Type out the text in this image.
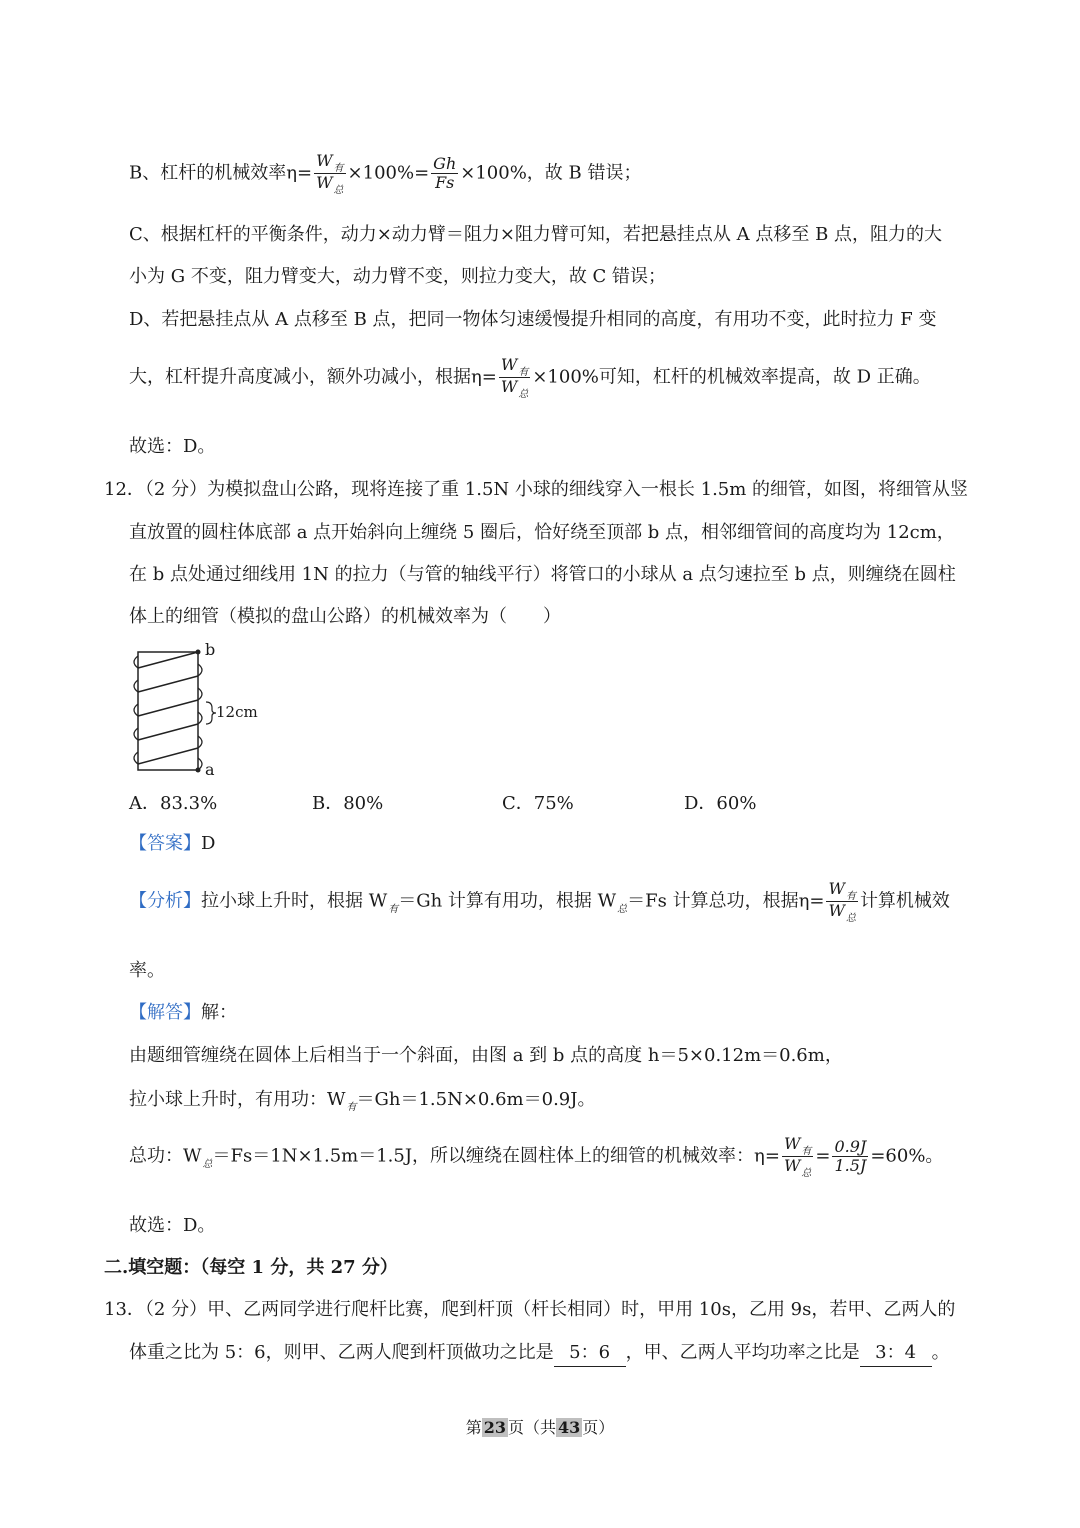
B、杠杆的机械效率$\eta= \frac{W_有}{W_总} \times 100\%= \frac{Gh}{Fs} \times 100\%$，故 B 错误；
C、根据杠杆的平衡条件，动力×动力臂＝阻力×阻力臂可知，若把悬挂点从 A 点移至 B 点，阻力的大
小为 G 不变，阻力臂变大，动力臂不变，则拉力变大，故 C 错误；
D、若把悬挂点从 A 点移至 B 点，把同一物体匀速缓慢提升相同的高度，有用功不变，此时拉力 F 变
大，杠杆提升高度减小，额外功减小，根据$\eta= \frac{W_有}{W_总} \times 100\%$可知，杠杆的机械效率提高，故 D 正确。
故选：D。
12．（2 分）为模拟盘山公路，现将连接了重 1.5N 小球的细线穿入一根长 1.5m 的细管，如图，将细管从竖
直放置的圆柱体底部 a 点开始斜向上缠绕 5 圈后，恰好绕至顶部 b 点，相邻细管间的高度均为 12cm，
在 b 点处通过细线用 1N 的拉力（与管的轴线平行）将管口的小球从 a 点匀速拉至 b 点，则缠绕在圆柱
体上的细管（模拟的盘山公路）的机械效率为（　　）
b
a
12cm
A．83.3%	B．80%	C．75%	D．60%
【答案】D
【分析】拉小球上升时，根据 $W_有=Gh$ 计算有用功，根据 $W_总=Fs$ 计算总功，根据$\eta= \frac{W_有}{W_总}$ 计算机械效
率。
【解答】解：
由题细管缠绕在圆体上后相当于一个斜面，由图 a 到 b 点的高度 h＝5×0.12m＝0.6m，
拉小球上升时，有用功：$W_有=Gh=1.5N\times 0.6m=0.9J$。
总功：$W_总=Fs=1N\times 1.5m=1.5J$，所以缠绕在圆柱体上的细管的机械效率：$\eta= \frac{W_有}{W_总} = \frac{0.9J}{1.5J} =60\%$。
故选：D。
二.填空题：（每空 1 分，共 27 分）
13．（2 分）甲、乙两同学进行爬杆比赛，爬到杆顶（杆长相同）时，甲用 10s，乙用 9s，若甲、乙两人的
体重之比为 5：6，则甲、乙两人爬到杆顶做功之比是 5：6 ，甲、乙两人平均功率之比是 3：4 。
第 23 页（共 43 页）
